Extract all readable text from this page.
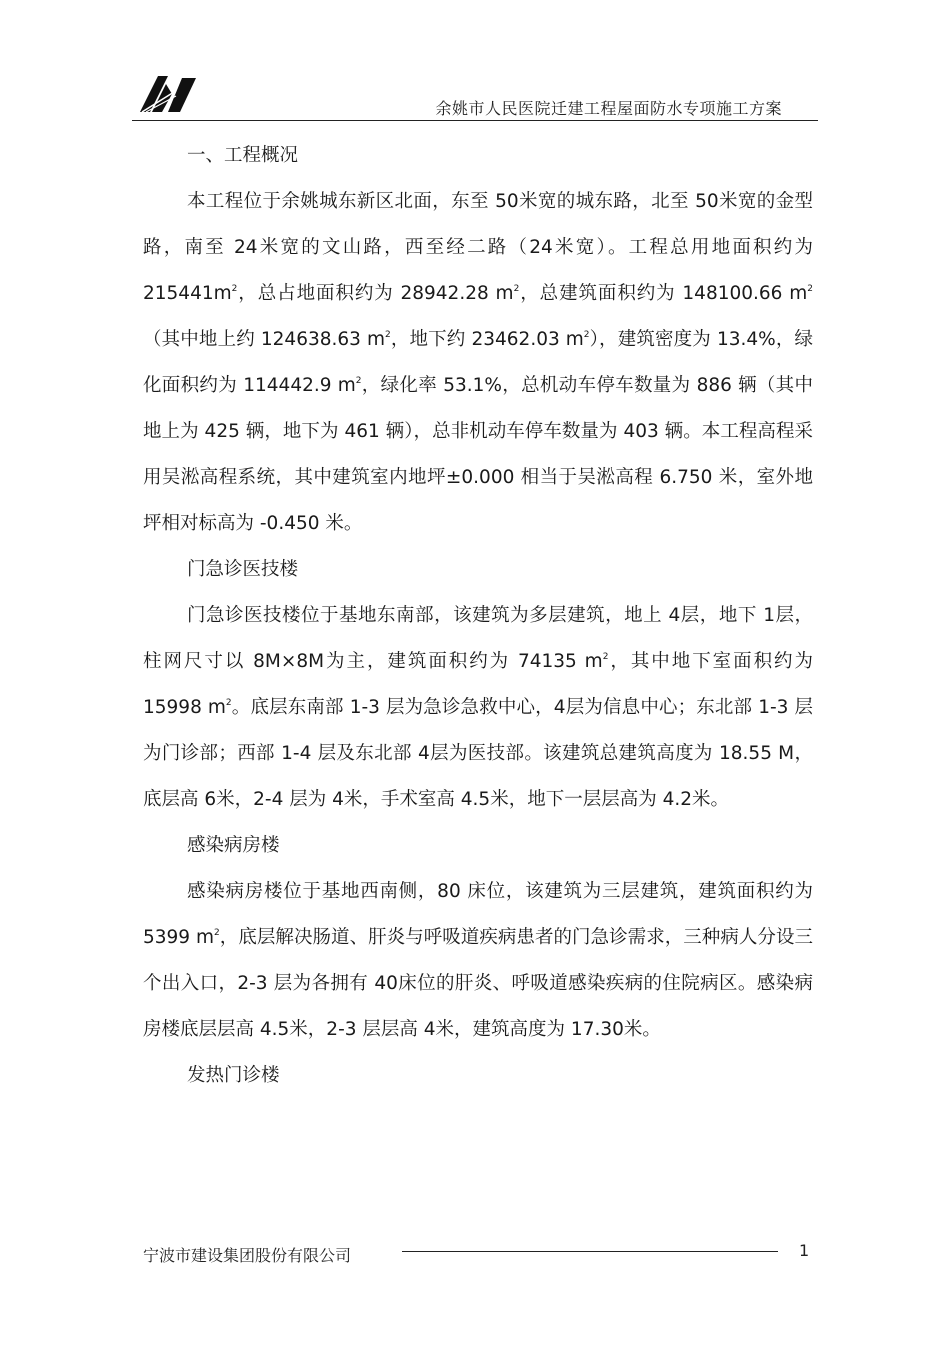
余姚市人民医院迁建工程屋面防水专项施工方案

一、工程概况

本工程位于余姚城东新区北面，东至 50米宽的城东路，北至 50米宽的金型路，南至 24米宽的文山路，西至经二路（24米宽）。工程总用地面积约为 $215441m^2$，总占地面积约为 28942.28 $m^2$，总建筑面积约为 148100.66 $m^2$（其中地上约 124638.63 $m^2$，地下约 23462.03 $m^2$），建筑密度为 13.4%，绿化面积约为 114442.9 $m^2$，绿化率 53.1%，总机动车停车数量为 886 辆（其中地上为 425 辆，地下为 461 辆），总非机动车停车数量为 403 辆。本工程高程采用吴淞高程系统，其中建筑室内地坪±0.000 相当于吴淞高程 6.750 米，室外地坪相对标高为 -0.450 米。

门急诊医技楼

门急诊医技楼位于基地东南部，该建筑为多层建筑，地上 4层，地下 1层，柱网尺寸以 8M×8M为主，建筑面积约为 74135 $m^2$，其中地下室面积约为 15998 $m^2$。底层东南部 1-3 层为急诊急救中心，4层为信息中心；东北部 1-3 层为门诊部；西部 1-4 层及东北部 4层为医技部。该建筑总建筑高度为 18.55 M，底层高 6米，2-4 层为 4米，手术室高 4.5米，地下一层层高为 4.2米。

感染病房楼

感染病房楼位于基地西南侧，80 床位，该建筑为三层建筑，建筑面积约为 5399 $m^2$，底层解决肠道、肝炎与呼吸道疾病患者的门急诊需求，三种病人分设三个出入口，2-3 层为各拥有 40床位的肝炎、呼吸道感染疾病的住院病区。感染病房楼底层层高 4.5米，2-3 层层高 4米，建筑高度为 17.30米。

发热门诊楼

宁波市建设集团股份有限公司	1
